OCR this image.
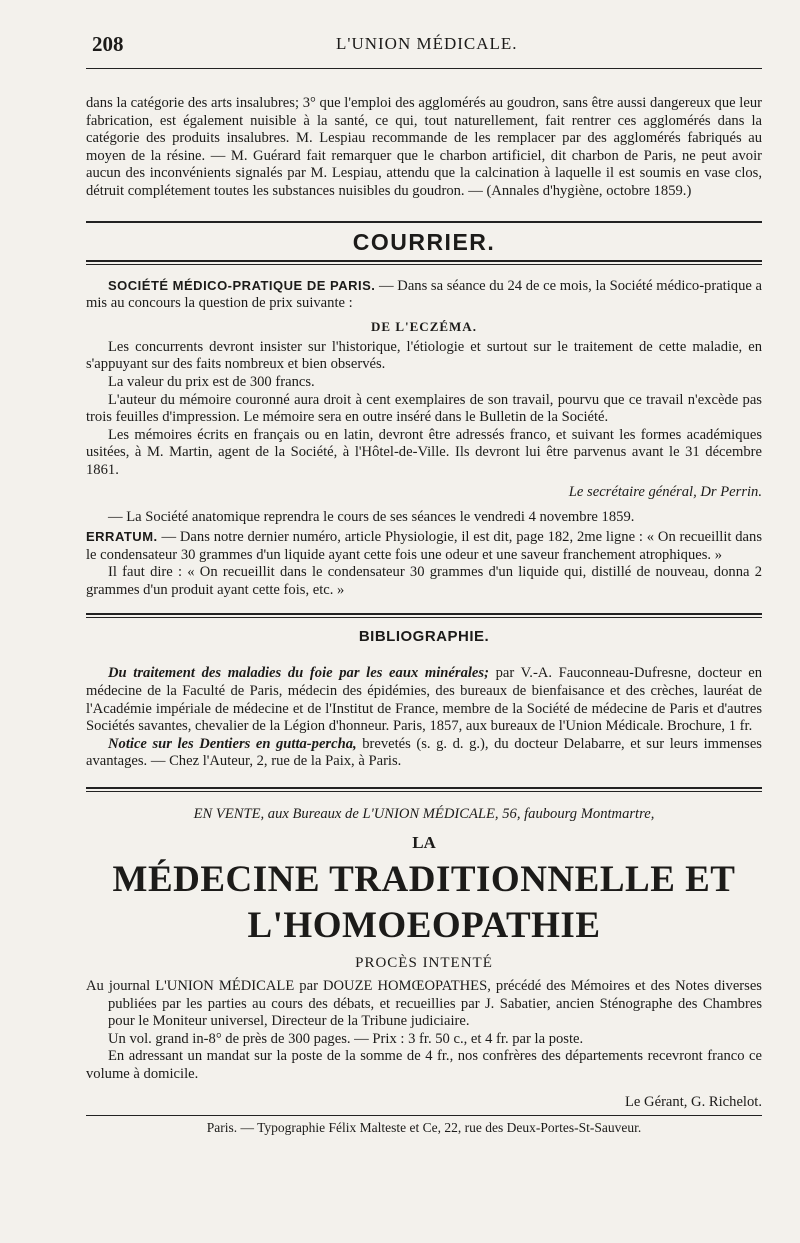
208	L'UNION MÉDICALE.

dans la catégorie des arts insalubres; 3° que l'emploi des agglomérés au goudron, sans être aussi dangereux que leur fabrication, est également nuisible à la santé, ce qui, tout naturellement, fait rentrer ces agglomérés dans la catégorie des produits insalubres. M. Lespiau recommande de les remplacer par des agglomérés fabriqués au moyen de la résine. — M. Guérard fait remarquer que le charbon artificiel, dit charbon de Paris, ne peut avoir aucun des inconvénients signalés par M. Lespiau, attendu que la calcination à laquelle il est soumis en vase clos, détruit complétement toutes les substances nuisibles du goudron. — (Annales d'hygiène, octobre 1859.)

COURRIER.

SOCIÉTÉ MÉDICO-PRATIQUE DE PARIS. — Dans sa séance du 24 de ce mois, la Société médico-pratique a mis au concours la question de prix suivante :

DE L'ECZÉMA.

Les concurrents devront insister sur l'historique, l'étiologie et surtout sur le traitement de cette maladie, en s'appuyant sur des faits nombreux et bien observés.

La valeur du prix est de 300 francs.

L'auteur du mémoire couronné aura droit à cent exemplaires de son travail, pourvu que ce travail n'excède pas trois feuilles d'impression. Le mémoire sera en outre inséré dans le Bulletin de la Société.

Les mémoires écrits en français ou en latin, devront être adressés franco, et suivant les formes académiques usitées, à M. Martin, agent de la Société, à l'Hôtel-de-Ville. Ils devront lui être parvenus avant le 31 décembre 1861.

Le secrétaire général, Dr Perrin.

— La Société anatomique reprendra le cours de ses séances le vendredi 4 novembre 1859.

ERRATUM. — Dans notre dernier numéro, article Physiologie, il est dit, page 182, 2me ligne : « On recueillit dans le condensateur 30 grammes d'un liquide ayant cette fois une odeur et une saveur franchement atrophiques. »

Il faut dire : « On recueillit dans le condensateur 30 grammes d'un liquide qui, distillé de nouveau, donna 2 grammes d'un produit ayant cette fois, etc. »

BIBLIOGRAPHIE.

Du traitement des maladies du foie par les eaux minérales; par V.-A. Fauconneau-Dufresne, docteur en médecine de la Faculté de Paris, médecin des épidémies, des bureaux de bienfaisance et des crèches, lauréat de l'Académie impériale de médecine et de l'Institut de France, membre de la Société de médecine de Paris et d'autres Sociétés savantes, chevalier de la Légion d'honneur. Paris, 1857, aux bureaux de l'Union Médicale. Brochure, 1 fr.

Notice sur les Dentiers en gutta-percha, brevetés (s. g. d. g.), du docteur Delabarre, et sur leurs immenses avantages. — Chez l'Auteur, 2, rue de la Paix, à Paris.

EN VENTE, aux Bureaux de L'UNION MÉDICALE, 56, faubourg Montmartre,
LA
MÉDECINE TRADITIONNELLE ET L'HOMOEOPATHIE
PROCÈS INTENTÉ

Au journal L'UNION MÉDICALE par DOUZE HOMŒOPATHES, précédé des Mémoires et des Notes diverses publiées par les parties au cours des débats, et recueillies par J. Sabatier, ancien Sténographe des Chambres pour le Moniteur universel, Directeur de la Tribune judiciaire.

Un vol. grand in-8° de près de 300 pages. — Prix : 3 fr. 50 c., et 4 fr. par la poste.

En adressant un mandat sur la poste de la somme de 4 fr., nos confrères des départements recevront franco ce volume à domicile.

Le Gérant, G. Richelot.
Paris. — Typographie Félix Malteste et Ce, 22, rue des Deux-Portes-St-Sauveur.
